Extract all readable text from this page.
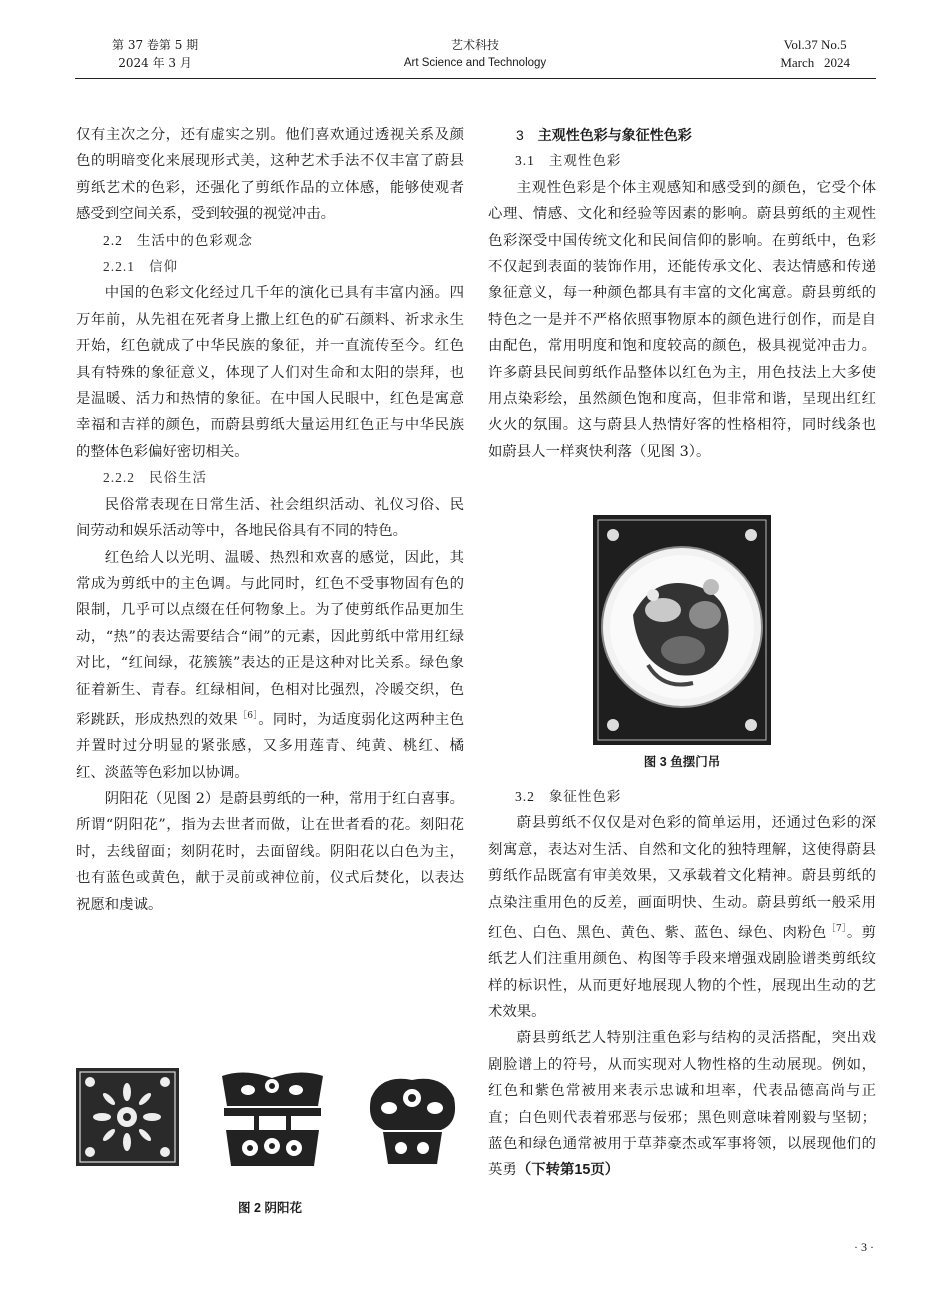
第 37 卷第 5 期
2024 年 3 月
艺术科技
Art Science and Technology
Vol.37 No.5
March   2024

仅有主次之分，还有虚实之别。他们喜欢通过透视关系及颜色的明暗变化来展现形式美，这种艺术手法不仅丰富了蔚县剪纸艺术的色彩，还强化了剪纸作品的立体感，能够使观者感受到空间关系，受到较强的视觉冲击。

2.2 生活中的色彩观念
2.2.1 信仰

中国的色彩文化经过几千年的演化已具有丰富内涵。四万年前，从先祖在死者身上撒上红色的矿石颜料、祈求永生开始，红色就成了中华民族的象征，并一直流传至今。红色具有特殊的象征意义，体现了人们对生命和太阳的崇拜，也是温暖、活力和热情的象征。在中国人民眼中，红色是寓意幸福和吉祥的颜色，而蔚县剪纸大量运用红色正与中华民族的整体色彩偏好密切相关。

2.2.2 民俗生活

民俗常表现在日常生活、社会组织活动、礼仪习俗、民间劳动和娱乐活动等中，各地民俗具有不同的特色。

红色给人以光明、温暖、热烈和欢喜的感觉，因此，其常成为剪纸中的主色调。与此同时，红色不受事物固有色的限制，几乎可以点缀在任何物象上。为了使剪纸作品更加生动，“热”的表达需要结合“闹”的元素，因此剪纸中常用红绿对比，“红间绿，花簇簇”表达的正是这种对比关系。绿色象征着新生、青春。红绿相间，色相对比强烈，冷暖交织，色彩跳跃，形成热烈的效果$^{[6]}$。同时，为适度弱化这两种主色并置时过分明显的紧张感，又多用莲青、纯黄、桃红、橘红、淡蓝等色彩加以协调。

阴阳花（见图 2）是蔚县剪纸的一种，常用于红白喜事。所谓“阴阳花”，指为去世者而做，让在世者看的花。刻阳花时，去线留面；刻阴花时，去面留线。阴阳花以白色为主，也有蓝色或黄色，献于灵前或神位前，仪式后焚化，以表达祝愿和虔诚。

图 2 阴阳花
3 主观性色彩与象征性色彩
3.1 主观性色彩

主观性色彩是个体主观感知和感受到的颜色，它受个体心理、情感、文化和经验等因素的影响。蔚县剪纸的主观性色彩深受中国传统文化和民间信仰的影响。在剪纸中，色彩不仅起到表面的装饰作用，还能传承文化、表达情感和传递象征意义，每一种颜色都具有丰富的文化寓意。蔚县剪纸的特色之一是并不严格依照事物原本的颜色进行创作，而是自由配色，常用明度和饱和度较高的颜色，极具视觉冲击力。许多蔚县民间剪纸作品整体以红色为主，用色技法上大多使用点染彩绘，虽然颜色饱和度高，但非常和谐，呈现出红红火火的氛围。这与蔚县人热情好客的性格相符，同时线条也如蔚县人一样爽快利落（见图 3）。

图 3 鱼摆门吊
3.2 象征性色彩

蔚县剪纸不仅仅是对色彩的简单运用，还通过色彩的深刻寓意，表达对生活、自然和文化的独特理解，这使得蔚县剪纸作品既富有审美效果，又承载着文化精神。蔚县剪纸的点染注重用色的反差，画面明快、生动。蔚县剪纸一般采用红色、白色、黑色、黄色、紫、蓝色、绿色、肉粉色$^{[7]}$。剪纸艺人们注重用颜色、构图等手段来增强戏剧脸谱类剪纸纹样的标识性，从而更好地展现人物的个性，展现出生动的艺术效果。

蔚县剪纸艺人特别注重色彩与结构的灵活搭配，突出戏剧脸谱上的符号，从而实现对人物性格的生动展现。例如，红色和紫色常被用来表示忠诚和坦率，代表品德高尚与正直；白色则代表着邪恶与佞邪；黑色则意味着刚毅与坚韧；蓝色和绿色通常被用于草莽豪杰或军事将领，以展现他们的英勇（下转第15页）

· 3 ·
